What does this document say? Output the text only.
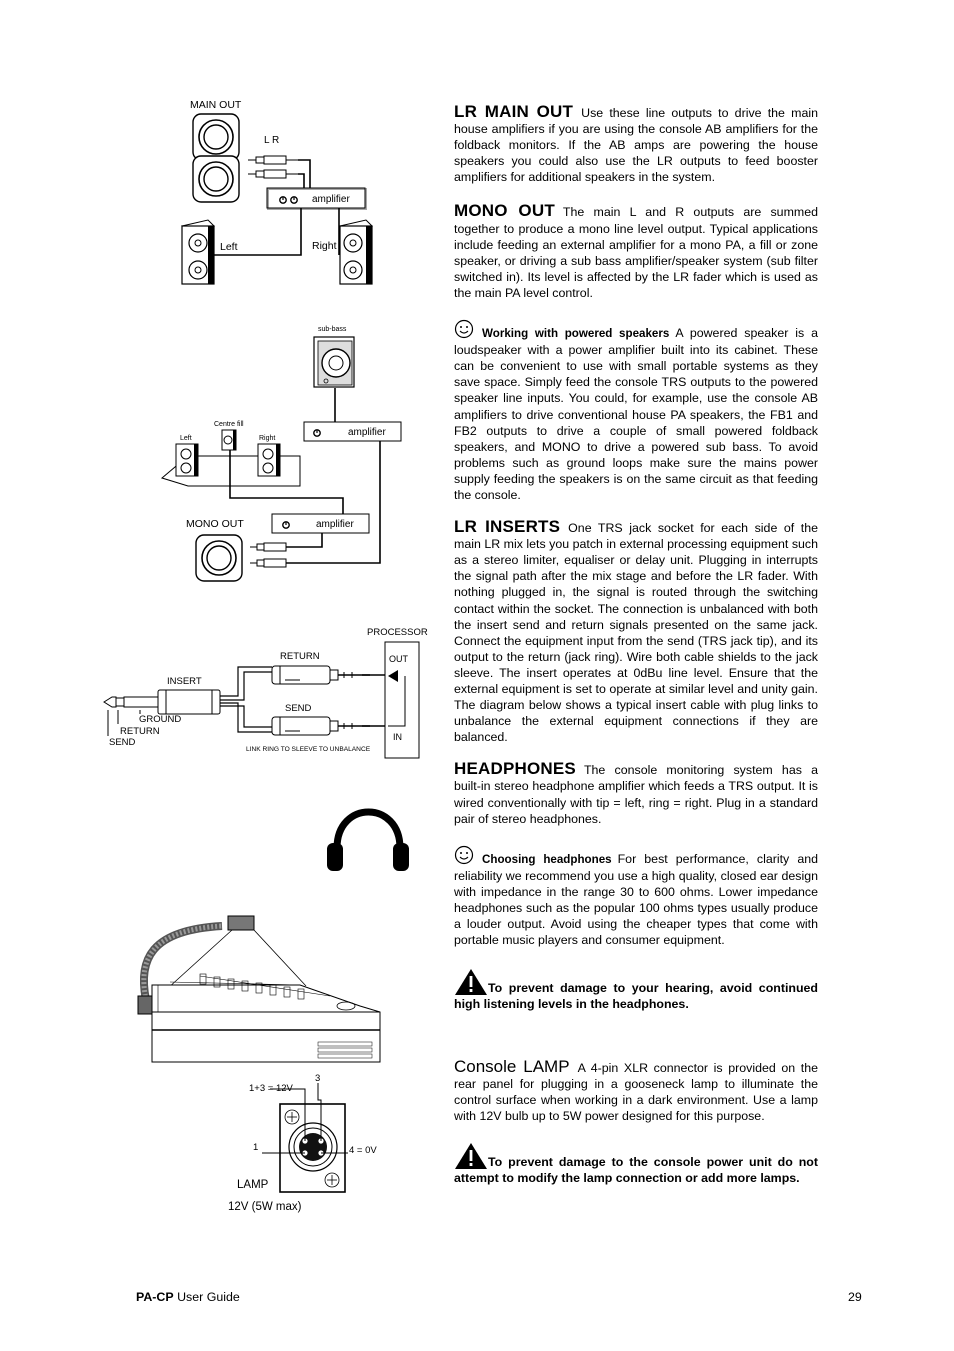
MAIN OUT
L R
amplifier
Left	Right
sub-bass
amplifier
Left
Centre fill
Right
amplifier
MONO OUT
PROCESSOR
OUT
IN
RETURN
SEND
INSERT
GROUND
RETURN
SEND
LINK RING TO SLEEVE TO UNBALANCE
3
1+3 = 12V
1	4 = 0V
LAMP
12V (5W max)

LR MAIN OUT Use these line outputs to drive the main house amplifiers if you are using the console AB amplifiers for the foldback monitors. If the AB amps are powering the house speakers you could also use the LR outputs to feed booster amplifiers for additional speakers in the system.

MONO OUT The main L and R outputs are summed together to produce a mono line level output. Typical applications include feeding an external amplifier for a mono PA, a fill or zone speaker, or driving a sub bass amplifier/speaker system (sub filter switched in). Its level is affected by the LR fader which is used as the main PA level control.

Working with powered speakers A powered speaker is a loudspeaker with a power amplifier built into its cabinet. These can be convenient to use with small portable systems as they save space. Simply feed the console TRS outputs to the powered speaker line inputs. You could, for example, use the console AB amplifiers to drive conventional house PA speakers, the FB1 and FB2 outputs to drive a couple of small powered foldback speakers, and MONO to drive a powered sub bass. To avoid problems such as ground loops make sure the mains power supply feeding the speakers is on the same circuit as that feeding the console.

LR INSERTS One TRS jack socket for each side of the main LR mix lets you patch in external processing equipment such as a stereo limiter, equaliser or delay unit. Plugging in interrupts the signal path after the mix stage and before the LR fader. With nothing plugged in, the signal is routed through the switching contact within the socket. The connection is unbalanced with both the insert send and return signals presented on the same jack. Connect the equipment input from the send (TRS jack tip), and its output to the return (jack ring). Wire both cable shields to the jack sleeve. The insert operates at 0dBu line level. Ensure that the external equipment is set to operate at similar level and unity gain. The diagram below shows a typical insert cable with plug links to unbalance the external equipment connections if they are balanced.

HEADPHONES The console monitoring system has a built-in stereo headphone amplifier which feeds a TRS output. It is wired conventionally with tip = left, ring = right. Plug in a standard pair of stereo headphones.

Choosing headphones For best performance, clarity and reliability we recommend you use a high quality, closed ear design with impedance in the range 30 to 600 ohms. Lower impedance headphones such as the popular 100 ohms types usually produce a louder output. Avoid using the cheaper types that come with portable music players and consumer equipment.

To prevent damage to your hearing, avoid continued high listening levels in the headphones.

Console LAMP A 4-pin XLR connector is provided on the rear panel for plugging in a gooseneck lamp to illuminate the control surface when working in a dark environment. Use a lamp with 12V bulb up to 5W power designed for this purpose.

To prevent damage to the console power unit do not attempt to modify the lamp connection or add more lamps.

PA-CP User Guide	29
